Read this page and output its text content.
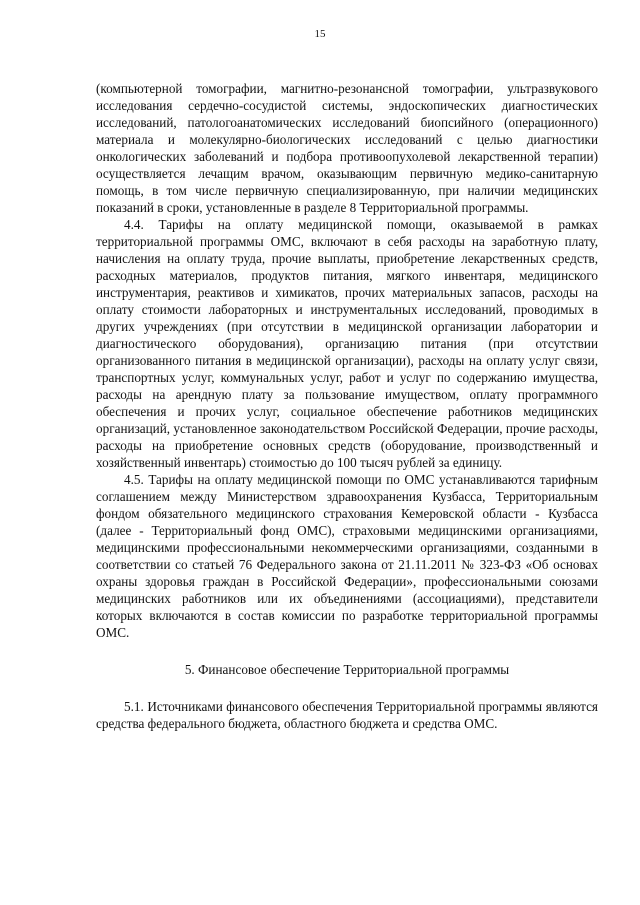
15

(компьютерной томографии, магнитно-резонансной томографии, ультразвукового исследования сердечно-сосудистой системы, эндоскопических диагностических исследований, патологоанатомических исследований биопсийного (операционного) материала и молекулярно-биологических исследований с целью диагностики онкологических заболеваний и подбора противоопухолевой лекарственной терапии) осуществляется лечащим врачом, оказывающим первичную медико-санитарную помощь, в том числе первичную специализированную, при наличии медицинских показаний в сроки, установленные в разделе 8 Территориальной программы.

4.4. Тарифы на оплату медицинской помощи, оказываемой в рамках территориальной программы ОМС, включают в себя расходы на заработную плату, начисления на оплату труда, прочие выплаты, приобретение лекарственных средств, расходных материалов, продуктов питания, мягкого инвентаря, медицинского инструментария, реактивов и химикатов, прочих материальных запасов, расходы на оплату стоимости лабораторных и инструментальных исследований, проводимых в других учреждениях (при отсутствии в медицинской организации лаборатории и диагностического оборудования), организацию питания (при отсутствии организованного питания в медицинской организации), расходы на оплату услуг связи, транспортных услуг, коммунальных услуг, работ и услуг по содержанию имущества, расходы на арендную плату за пользование имуществом, оплату программного обеспечения и прочих услуг, социальное обеспечение работников медицинских организаций, установленное законодательством Российской Федерации, прочие расходы, расходы на приобретение основных средств (оборудование, производственный и хозяйственный инвентарь) стоимостью до 100 тысяч рублей за единицу.

4.5. Тарифы на оплату медицинской помощи по ОМС устанавливаются тарифным соглашением между Министерством здравоохранения Кузбасса, Территориальным фондом обязательного медицинского страхования Кемеровской области - Кузбасса (далее - Территориальный фонд ОМС), страховыми медицинскими организациями, медицинскими профессиональными некоммерческими организациями, созданными в соответствии со статьей 76 Федерального закона от 21.11.2011 № 323-ФЗ «Об основах охраны здоровья граждан в Российской Федерации», профессиональными союзами медицинских работников или их объединениями (ассоциациями), представители которых включаются в состав комиссии по разработке территориальной программы ОМС.

5. Финансовое обеспечение Территориальной программы

5.1. Источниками финансового обеспечения Территориальной программы являются средства федерального бюджета, областного бюджета и средства ОМС.
